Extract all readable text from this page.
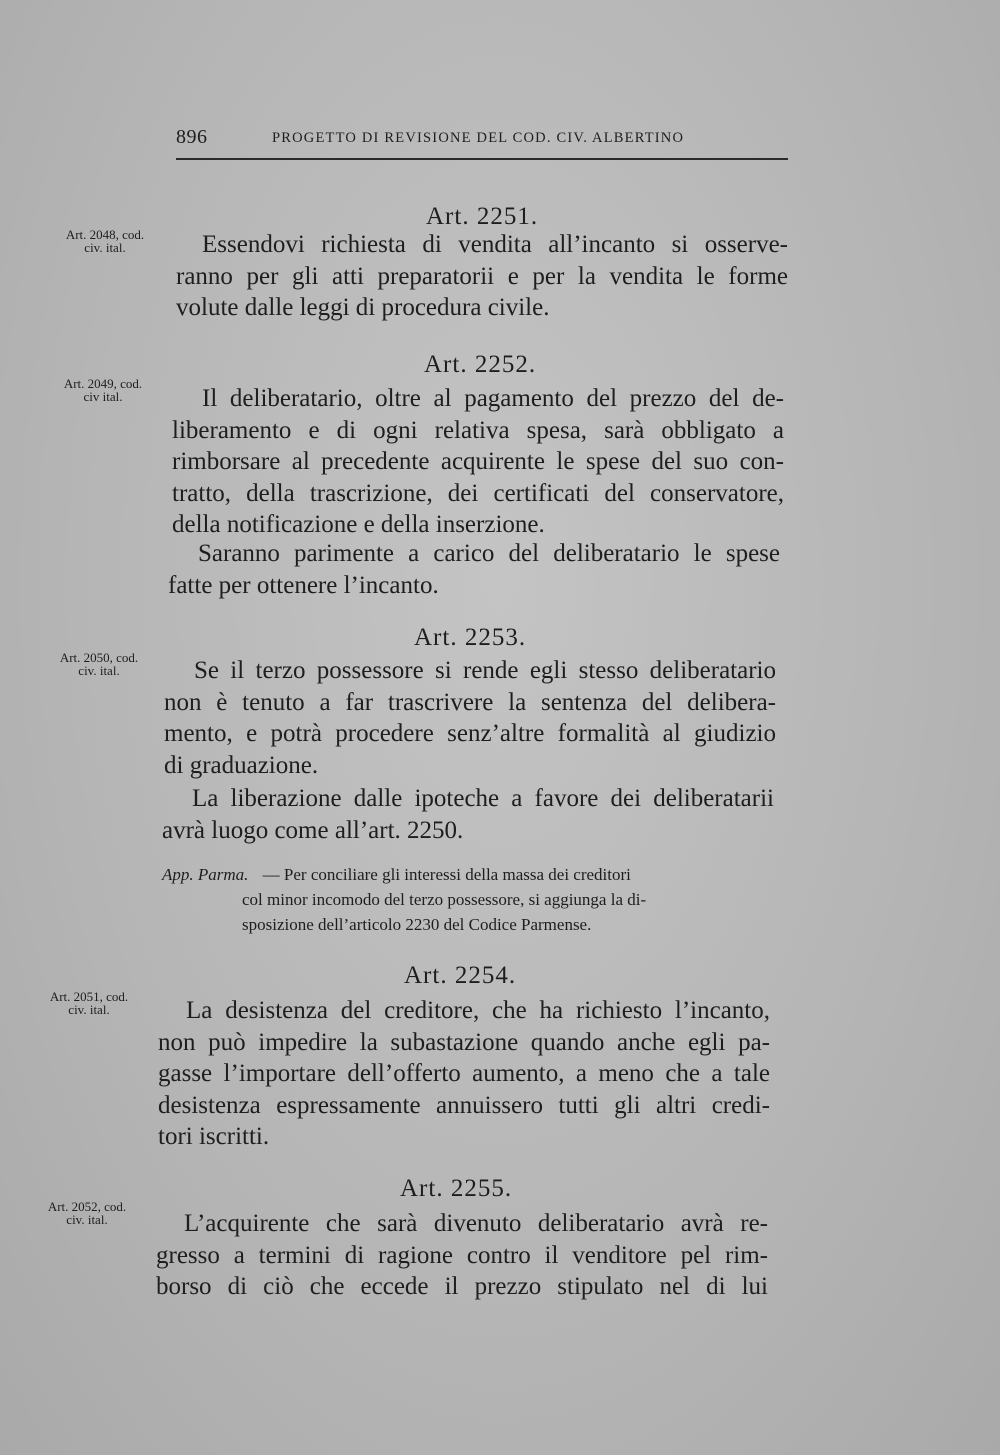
896	PROGETTO DI REVISIONE DEL COD. CIV. ALBERTINO
Art. 2048, cod.
civ. ital.
Art. 2251.

Essendovi richiesta di vendita all’incanto si osserve-
ranno per gli atti preparatorii e per la vendita le forme
volute dalle leggi di procedura civile.

Art. 2049, cod.
civ ital.
Art. 2252.

Il deliberatario, oltre al pagamento del prezzo del de-
liberamento e di ogni relativa spesa, sarà obbligato a
rimborsare al precedente acquirente le spese del suo con-
tratto, della trascrizione, dei certificati del conservatore,
della notificazione e della inserzione.

Saranno parimente a carico del deliberatario le spese
fatte per ottenere l’incanto.

Art. 2050, cod.
civ. ital.
Art. 2253.

Se il terzo possessore si rende egli stesso deliberatario
non è tenuto a far trascrivere la sentenza del delibera-
mento, e potrà procedere senz’altre formalità al giudizio
di graduazione.

La liberazione dalle ipoteche a favore dei deliberatarii
avrà luogo come all’art. 2250.

App. Parma. — Per conciliare gli interessi della massa dei creditori
col minor incomodo del terzo possessore, si aggiunga la di-
sposizione dell’articolo 2230 del Codice Parmense.
Art. 2051, cod.
civ. ital.
Art. 2254.

La desistenza del creditore, che ha richiesto l’incanto,
non può impedire la subastazione quando anche egli pa-
gasse l’importare dell’offerto aumento, a meno che a tale
desistenza espressamente annuissero tutti gli altri credi-
tori iscritti.

Art. 2052, cod.
civ. ital.
Art. 2255.

L’acquirente che sarà divenuto deliberatario avrà re-
gresso a termini di ragione contro il venditore pel rim-
borso di ciò che eccede il prezzo stipulato nel di lui
